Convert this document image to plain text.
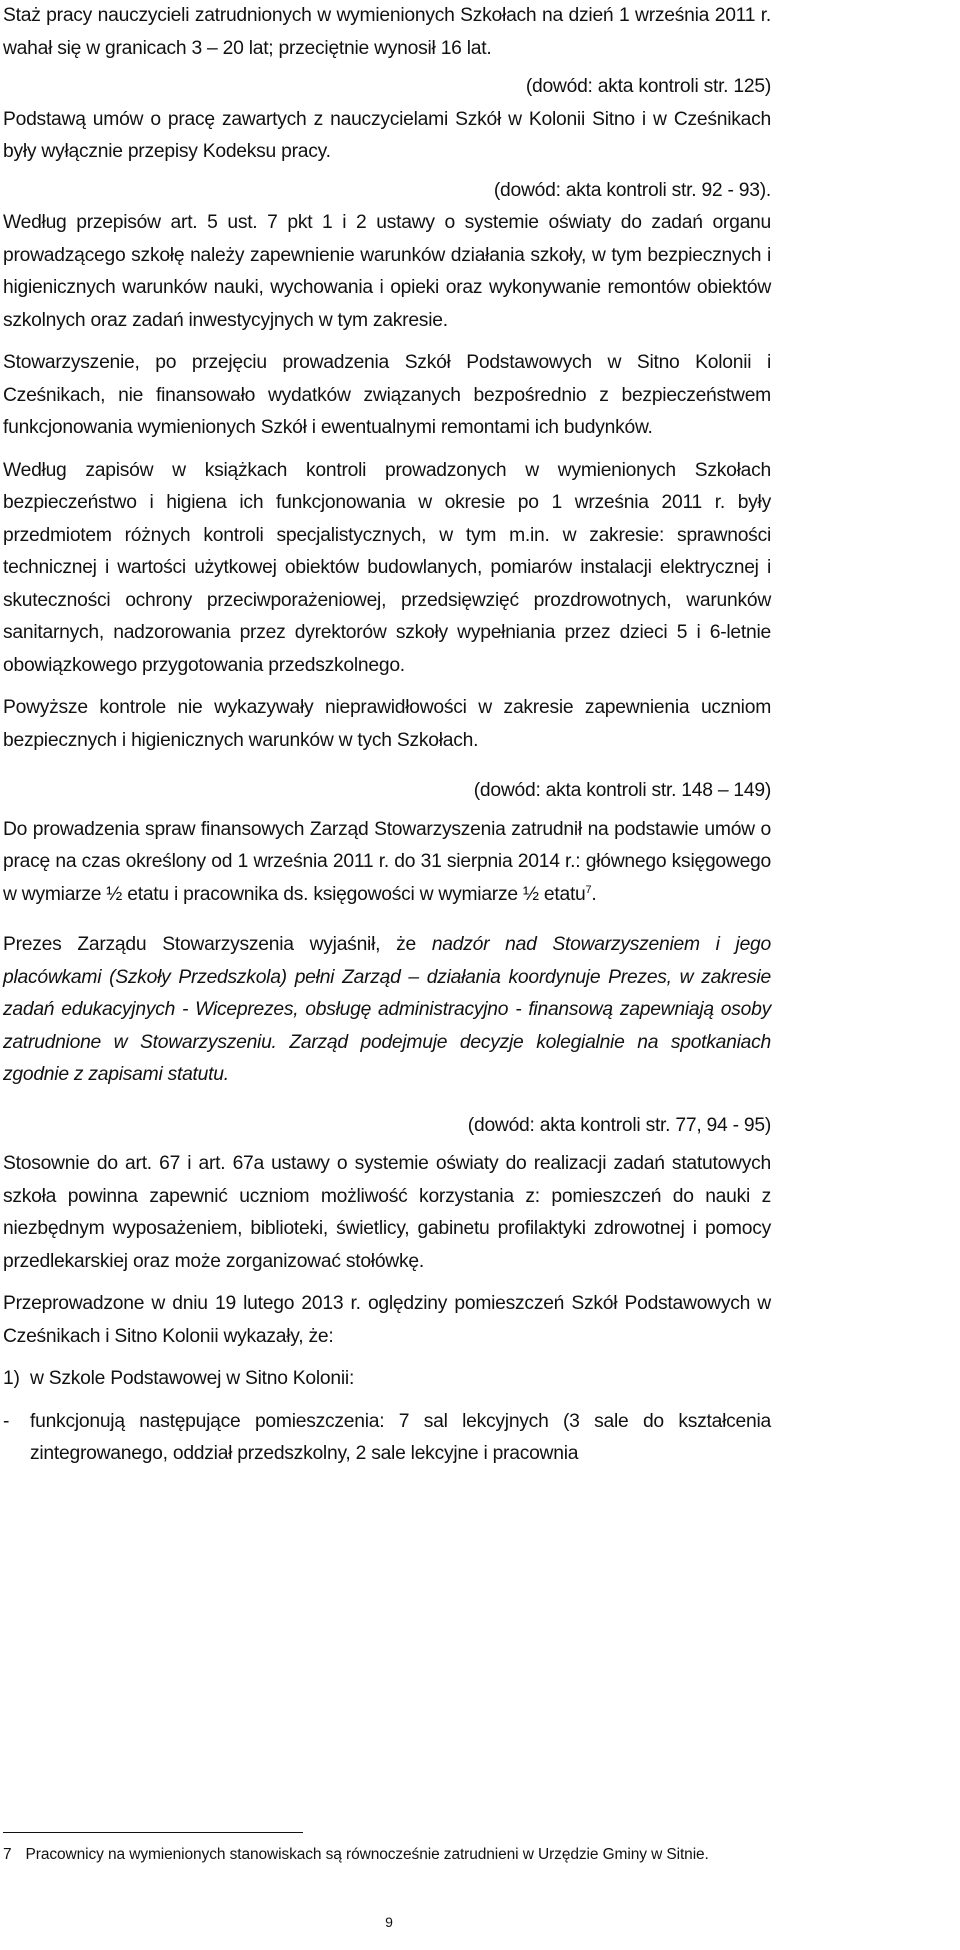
Staż pracy nauczycieli zatrudnionych w wymienionych Szkołach na dzień 1 września 2011 r. wahał się w granicach 3 – 20 lat; przeciętnie wynosił 16 lat.

(dowód: akta kontroli str. 125)

Podstawą umów o pracę zawartych z nauczycielami Szkół w Kolonii Sitno i w Cześnikach były wyłącznie przepisy Kodeksu pracy.

(dowód: akta kontroli str. 92 - 93).

Według przepisów art. 5 ust. 7 pkt 1 i 2 ustawy o systemie oświaty do zadań organu prowadzącego szkołę należy zapewnienie warunków działania szkoły, w tym bezpiecznych i higienicznych warunków nauki, wychowania i opieki oraz wykonywanie remontów obiektów szkolnych oraz zadań inwestycyjnych w tym zakresie.

Stowarzyszenie, po przejęciu prowadzenia Szkół Podstawowych w Sitno Kolonii i Cześnikach, nie finansowało wydatków związanych bezpośrednio z bezpieczeństwem funkcjonowania wymienionych Szkół i ewentualnymi remontami ich budynków.

Według zapisów w książkach kontroli prowadzonych w wymienionych Szkołach bezpieczeństwo i higiena ich funkcjonowania w okresie po 1 września 2011 r. były przedmiotem różnych kontroli specjalistycznych, w tym m.in. w zakresie: sprawności technicznej i wartości użytkowej obiektów budowlanych, pomiarów instalacji elektrycznej i skuteczności ochrony przeciwporażeniowej, przedsięwzięć prozdrowotnych, warunków sanitarnych, nadzorowania przez dyrektorów szkoły wypełniania przez dzieci 5 i 6-letnie obowiązkowego przygotowania przedszkolnego.

Powyższe kontrole nie wykazywały nieprawidłowości w zakresie zapewnienia uczniom bezpiecznych i higienicznych warunków w tych Szkołach.

(dowód: akta kontroli str. 148 – 149)

Do prowadzenia spraw finansowych Zarząd Stowarzyszenia zatrudnił na podstawie umów o pracę na czas określony od 1 września 2011 r. do 31 sierpnia 2014 r.: głównego księgowego w wymiarze ½ etatu i pracownika ds. księgowości w wymiarze ½ etatu$^7$.

Prezes Zarządu Stowarzyszenia wyjaśnił, że nadzór nad Stowarzyszeniem i jego placówkami (Szkoły Przedszkola) pełni Zarząd – działania koordynuje Prezes, w zakresie zadań edukacyjnych - Wiceprezes, obsługę administracyjno - finansową zapewniają osoby zatrudnione w Stowarzyszeniu. Zarząd podejmuje decyzje kolegialnie na spotkaniach zgodnie z zapisami statutu.

(dowód: akta kontroli str. 77, 94 - 95)

Stosownie do art. 67 i art. 67a ustawy o systemie oświaty do realizacji zadań statutowych szkoła powinna zapewnić uczniom możliwość korzystania z: pomieszczeń do nauki z niezbędnym wyposażeniem, biblioteki, świetlicy, gabinetu profilaktyki zdrowotnej i pomocy przedlekarskiej oraz może zorganizować stołówkę.

Przeprowadzone w dniu 19 lutego 2013 r. oględziny pomieszczeń Szkół Podstawowych w Cześnikach i Sitno Kolonii wykazały, że:

1) w Szkole Podstawowej w Sitno Kolonii:

- funkcjonują następujące pomieszczenia: 7 sal lekcyjnych (3 sale do kształcenia zintegrowanego, oddział przedszkolny, 2 sale lekcyjne i pracownia

7 Pracownicy na wymienionych stanowiskach są równocześnie zatrudnieni w Urzędzie Gminy w Sitnie.
9
